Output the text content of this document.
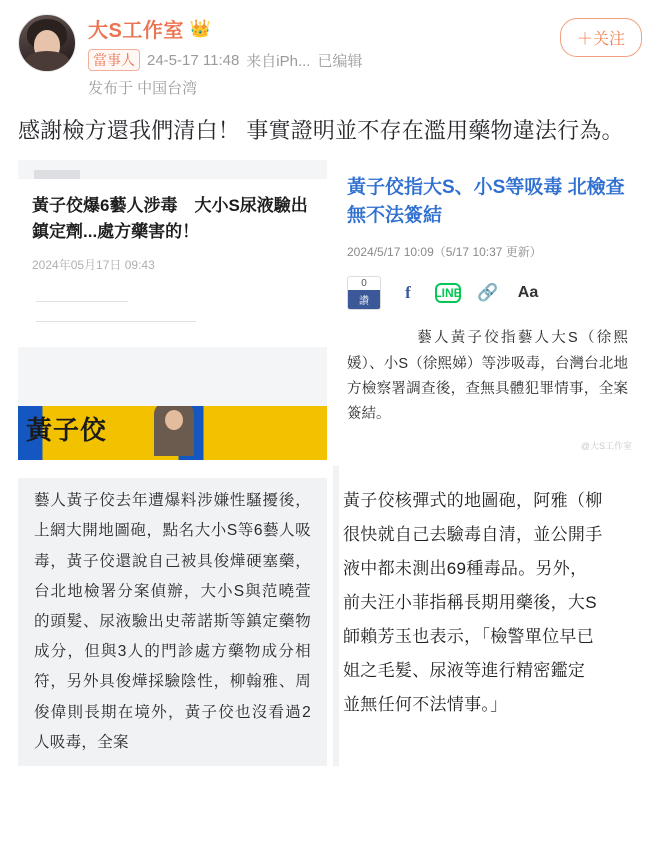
大S工作室 👑
當事人 24-5-17 11:48 来自iPh... 已编辑
发布于 中国台湾
＋关注
感謝檢方還我們清白！ 事實證明並不存在濫用藥物違法行為。
黃子佼爆6藝人涉毒　大小S尿液驗出鎮定劑...處方藥害的！
2024年05月17日 09:43
黃子佼
黃子佼指大S、小S等吸毒 北檢查無不法簽結
2024/5/17 10:09（5/17 10:37 更新）
0
讚	f	LINE 🔗 Aa
藝人黃子佼指藝人大S（徐熙媛）、小S（徐熙娣）等涉吸毒，台灣台北地方檢察署調查後，查無具體犯罪情事，全案簽結。
@大S工作室
藝人黃子佼去年遭爆料涉嫌性騷擾後，上網大開地圖砲，點名大小S等6藝人吸毒，黃子佼還說自己被具俊燁硬塞藥，台北地檢署分案偵辦，大小S與范曉萱的頭髮、尿液驗出史蒂諾斯等鎮定藥物成分，但與3人的門診處方藥物成分相符，另外具俊燁採驗陰性，柳翰雅、周俊偉則長期在境外，黃子佼也沒看過2人吸毒，全案
黃子佼核彈式的地圖砲，阿雅（柳
很快就自己去驗毒自清，並公開手
液中都未測出69種毒品。另外，
前夫汪小菲指稱長期用藥後，大S
師賴芳玉也表示，「檢警單位早已
姐之毛髮、尿液等進行精密鑑定
並無任何不法情事。」
